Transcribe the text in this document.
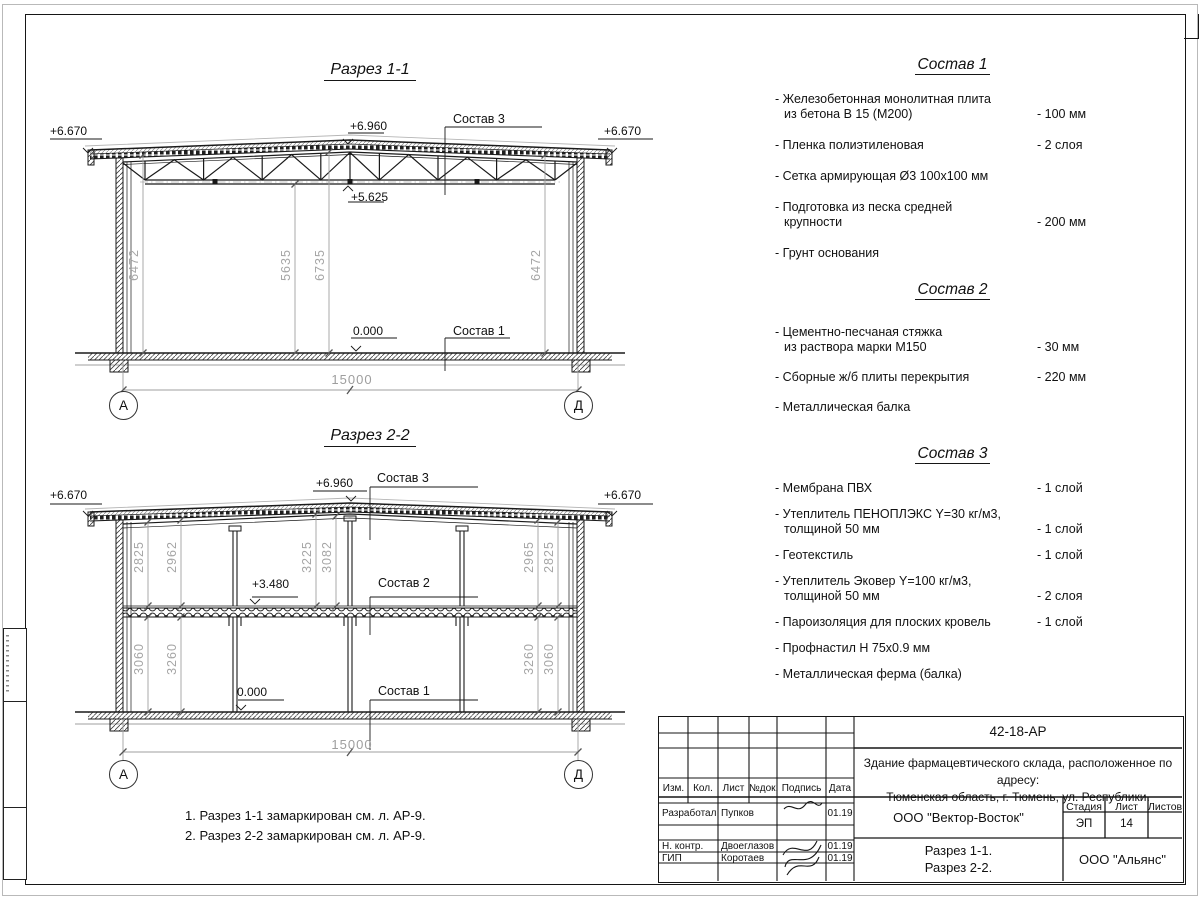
Разрез 1-1
+6.670	+6.670
+6.960	Состав 3
+5.625
0.000	Состав 1
6472	5635 6735	6472
15000
А	Д
Разрез 2-2
+6.670	+6.670
+6.960 Состав 3
2825 2962	3225 3082	2965 2825
+3.480	Состав 2
3060 3260	3260 3060
0.000	Состав 1
15000
А	Д
1. Разрез 1-1 замаркирован см. л. АР-9.
2. Разрез 2-2 замаркирован см. л. АР-9.
Состав 1
- Железобетонная монолитная плита
из бетона В 15 (М200)	- 100 мм
- Пленка полиэтиленовая	- 2 слоя
- Сетка армирующая Ø3 100х100 мм
- Подготовка из песка средней
крупности	- 200 мм
- Грунт основания
Состав 2
- Цементно-песчаная стяжка
из раствора марки М150	- 30 мм
- Сборные ж/б плиты перекрытия	- 220 мм
- Металлическая балка
Состав 3
- Мембрана ПВХ	- 1 слой
- Утеплитель ПЕНОПЛЭКС Y=30 кг/м3,
толщиной 50 мм	- 1 слой
- Геотекстиль	- 1 слой
- Утеплитель Эковер Y=100 кг/м3,
толщиной 50 мм	- 2 слоя
- Пароизоляция для плоских кровель	- 1 слой
- Профнастил Н 75х0.9 мм
- Металлическая ферма (балка)
Изм. Кол. Лист №док. Подпись Дата
Разработал Пупков	01.19
Н. контр. Двоеглазов	01.19
ГИП	Коротаев	01.19
42-18-АР
Здание фармацевтического склада, расположенное по адресу:
Тюменская область, г. Тюмень, ул. Республики.
ООО "Вектор-Восток"
Стадия	Лист Листов
ЭП	14
Разрез 1-1.
Разрез 2-2.
ООО "Альянс"
